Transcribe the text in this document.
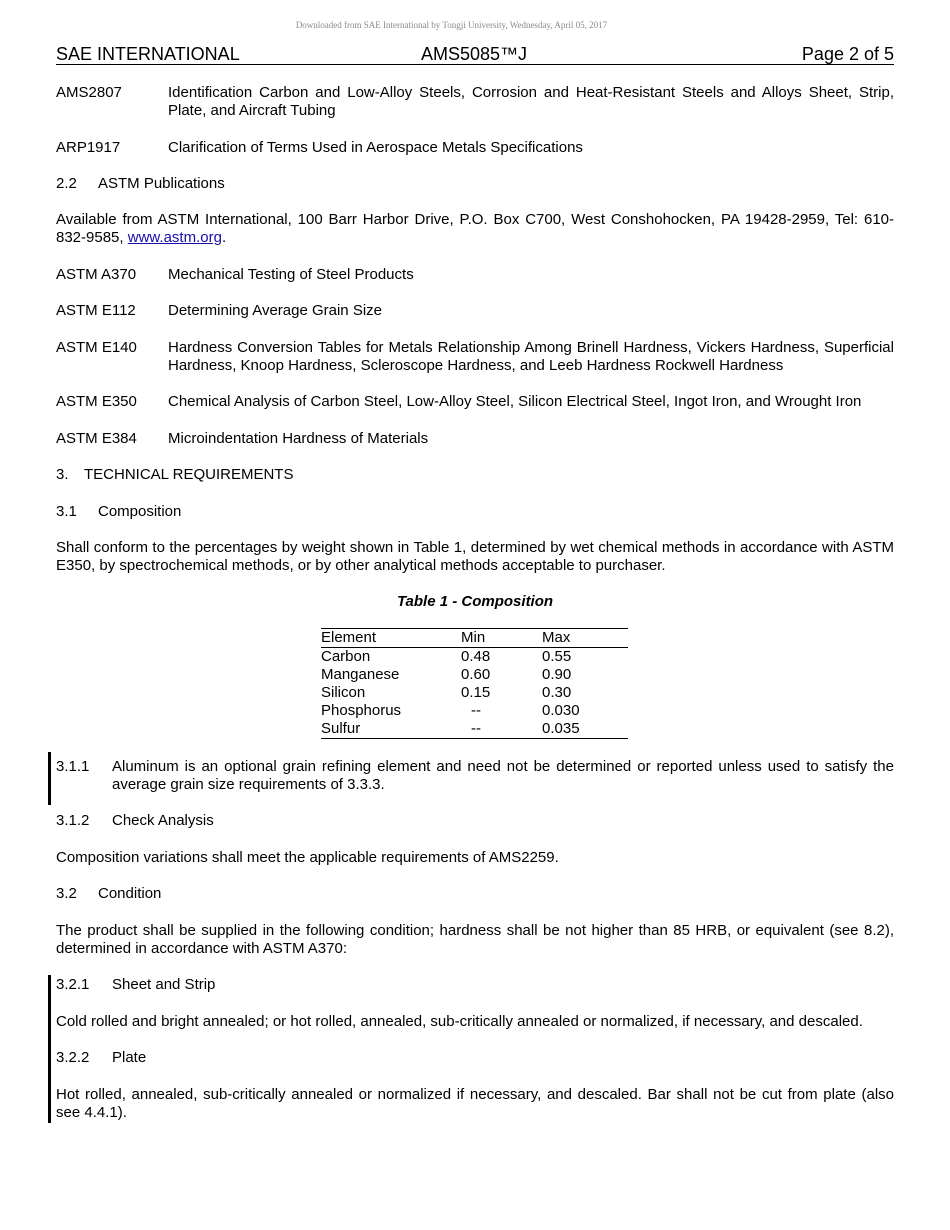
Downloaded from SAE International by Tongji University, Wednesday, April 05, 2017
SAE INTERNATIONAL	AMS5085™J	Page 2 of 5
AMS2807	Identification Carbon and Low-Alloy Steels, Corrosion and Heat-Resistant Steels and Alloys Sheet, Strip, Plate, and Aircraft Tubing
ARP1917	Clarification of Terms Used in Aerospace Metals Specifications
2.2 ASTM Publications
Available from ASTM International, 100 Barr Harbor Drive, P.O. Box C700, West Conshohocken, PA 19428-2959, Tel: 610-832-9585, www.astm.org.
ASTM A370 Mechanical Testing of Steel Products
ASTM E112 Determining Average Grain Size
ASTM E140 Hardness Conversion Tables for Metals Relationship Among Brinell Hardness, Vickers Hardness, Superficial Hardness, Knoop Hardness, Scleroscope Hardness, and Leeb Hardness Rockwell Hardness
ASTM E350 Chemical Analysis of Carbon Steel, Low-Alloy Steel, Silicon Electrical Steel, Ingot Iron, and Wrought Iron
ASTM E384 Microindentation Hardness of Materials
3. TECHNICAL REQUIREMENTS
3.1 Composition
Shall conform to the percentages by weight shown in Table 1, determined by wet chemical methods in accordance with ASTM E350, by spectrochemical methods, or by other analytical methods acceptable to purchaser.
Table 1 - Composition
Element	Min	Max
Carbon	0.48	0.55
Manganese	0.60	0.90
Silicon	0.15	0.30
Phosphorus	--	0.030
Sulfur	--	0.035
3.1.1 Aluminum is an optional grain refining element and need not be determined or reported unless used to satisfy the average grain size requirements of 3.3.3.
3.1.2 Check Analysis
Composition variations shall meet the applicable requirements of AMS2259.
3.2 Condition
The product shall be supplied in the following condition; hardness shall be not higher than 85 HRB, or equivalent (see 8.2), determined in accordance with ASTM A370:
3.2.1 Sheet and Strip
Cold rolled and bright annealed; or hot rolled, annealed, sub-critically annealed or normalized, if necessary, and descaled.
3.2.2 Plate
Hot rolled, annealed, sub-critically annealed or normalized if necessary, and descaled. Bar shall not be cut from plate (also see 4.4.1).
